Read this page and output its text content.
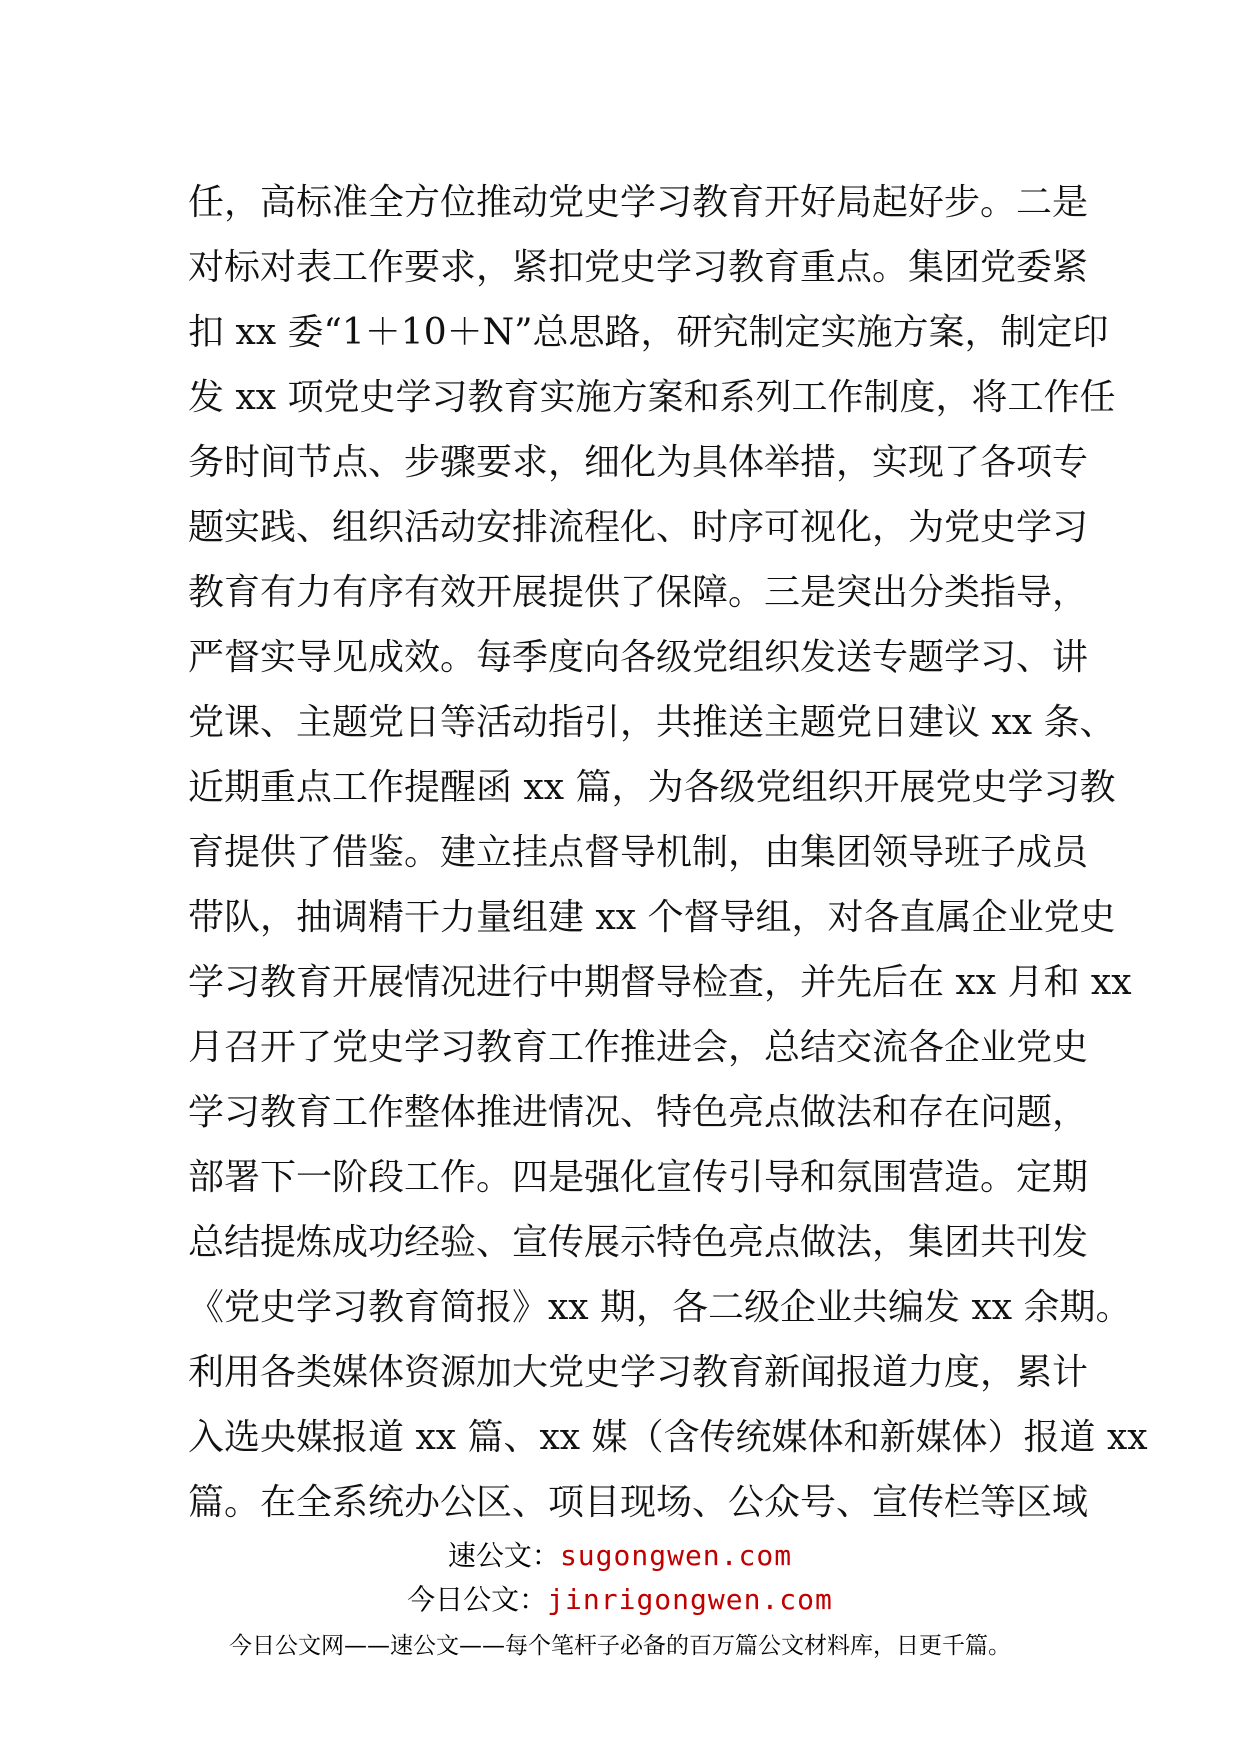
任，高标准全方位推动党史学习教育开好局起好步。二是
对标对表工作要求，紧扣党史学习教育重点。集团党委紧
扣 xx 委“1＋10＋N”总思路，研究制定实施方案，制定印
发 xx 项党史学习教育实施方案和系列工作制度，将工作任
务时间节点、步骤要求，细化为具体举措，实现了各项专
题实践、组织活动安排流程化、时序可视化，为党史学习
教育有力有序有效开展提供了保障。三是突出分类指导，
严督实导见成效。每季度向各级党组织发送专题学习、讲
党课、主题党日等活动指引，共推送主题党日建议 xx 条、
近期重点工作提醒函 xx 篇，为各级党组织开展党史学习教
育提供了借鉴。建立挂点督导机制，由集团领导班子成员
带队，抽调精干力量组建 xx 个督导组，对各直属企业党史
学习教育开展情况进行中期督导检查，并先后在 xx 月和 xx
月召开了党史学习教育工作推进会，总结交流各企业党史
学习教育工作整体推进情况、特色亮点做法和存在问题，
部署下一阶段工作。四是强化宣传引导和氛围营造。定期
总结提炼成功经验、宣传展示特色亮点做法，集团共刊发
《党史学习教育简报》xx 期，各二级企业共编发 xx 余期。
利用各类媒体资源加大党史学习教育新闻报道力度，累计
入选央媒报道 xx 篇、xx 媒（含传统媒体和新媒体）报道 xx
篇。在全系统办公区、项目现场、公众号、宣传栏等区域
速公文：sugongwen.com
今日公文：jinrigongwen.com
今日公文网——速公文——每个笔杆子必备的百万篇公文材料库，日更千篇。
